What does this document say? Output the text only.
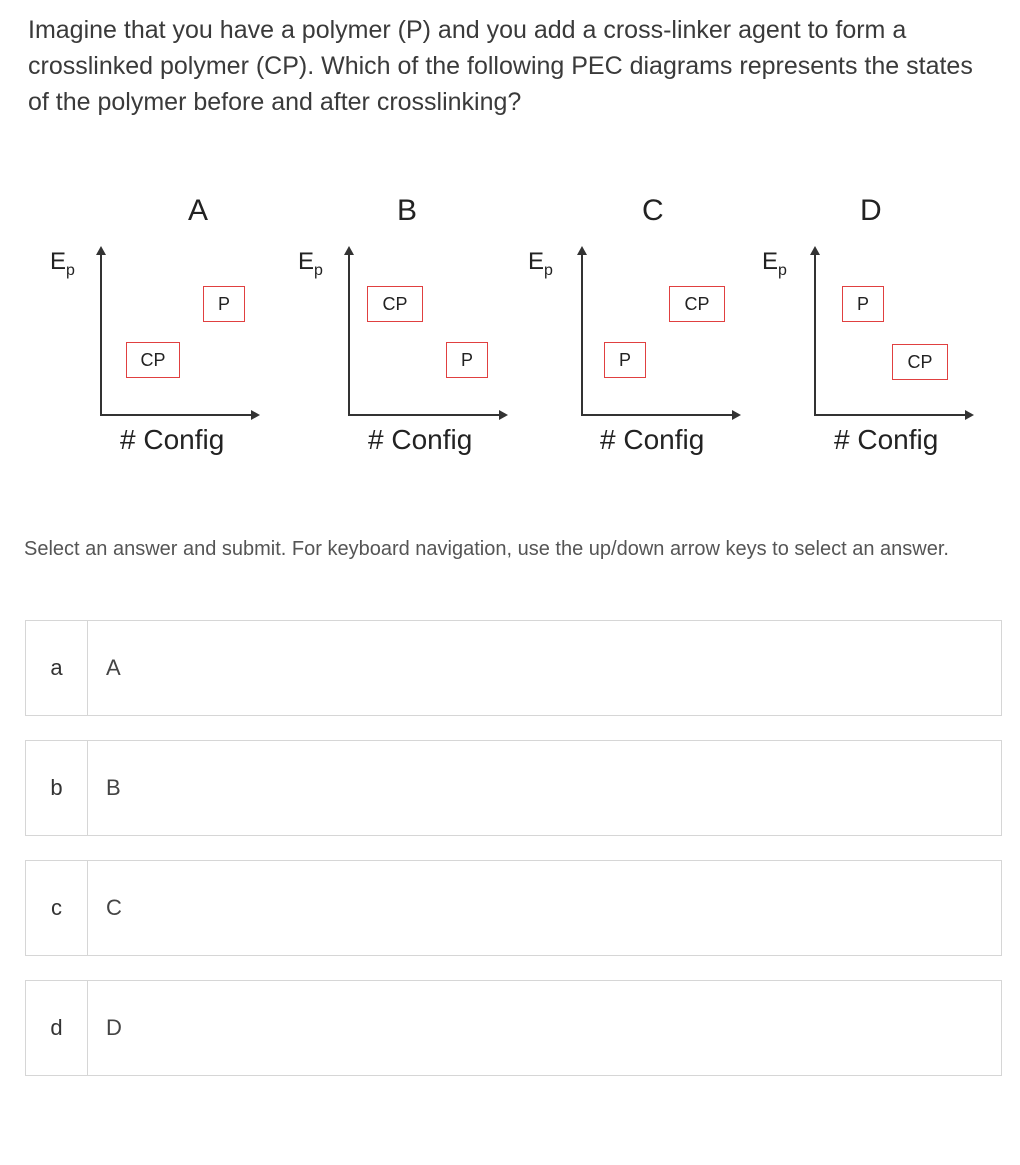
Imagine that you have a polymer (P) and you add a cross-linker agent to form a crosslinked polymer (CP). Which of the following PEC diagrams represents the states of the polymer before and after crosslinking?

A
$E_p$
P
CP
# Config
B
$E_p$
CP
P
# Config
C
$E_p$
CP
P
# Config
D
$E_p$
P
CP
# Config
Select an answer and submit. For keyboard navigation, use the up/down arrow keys to select an answer.
a	A
b	B
c	C
d	D
